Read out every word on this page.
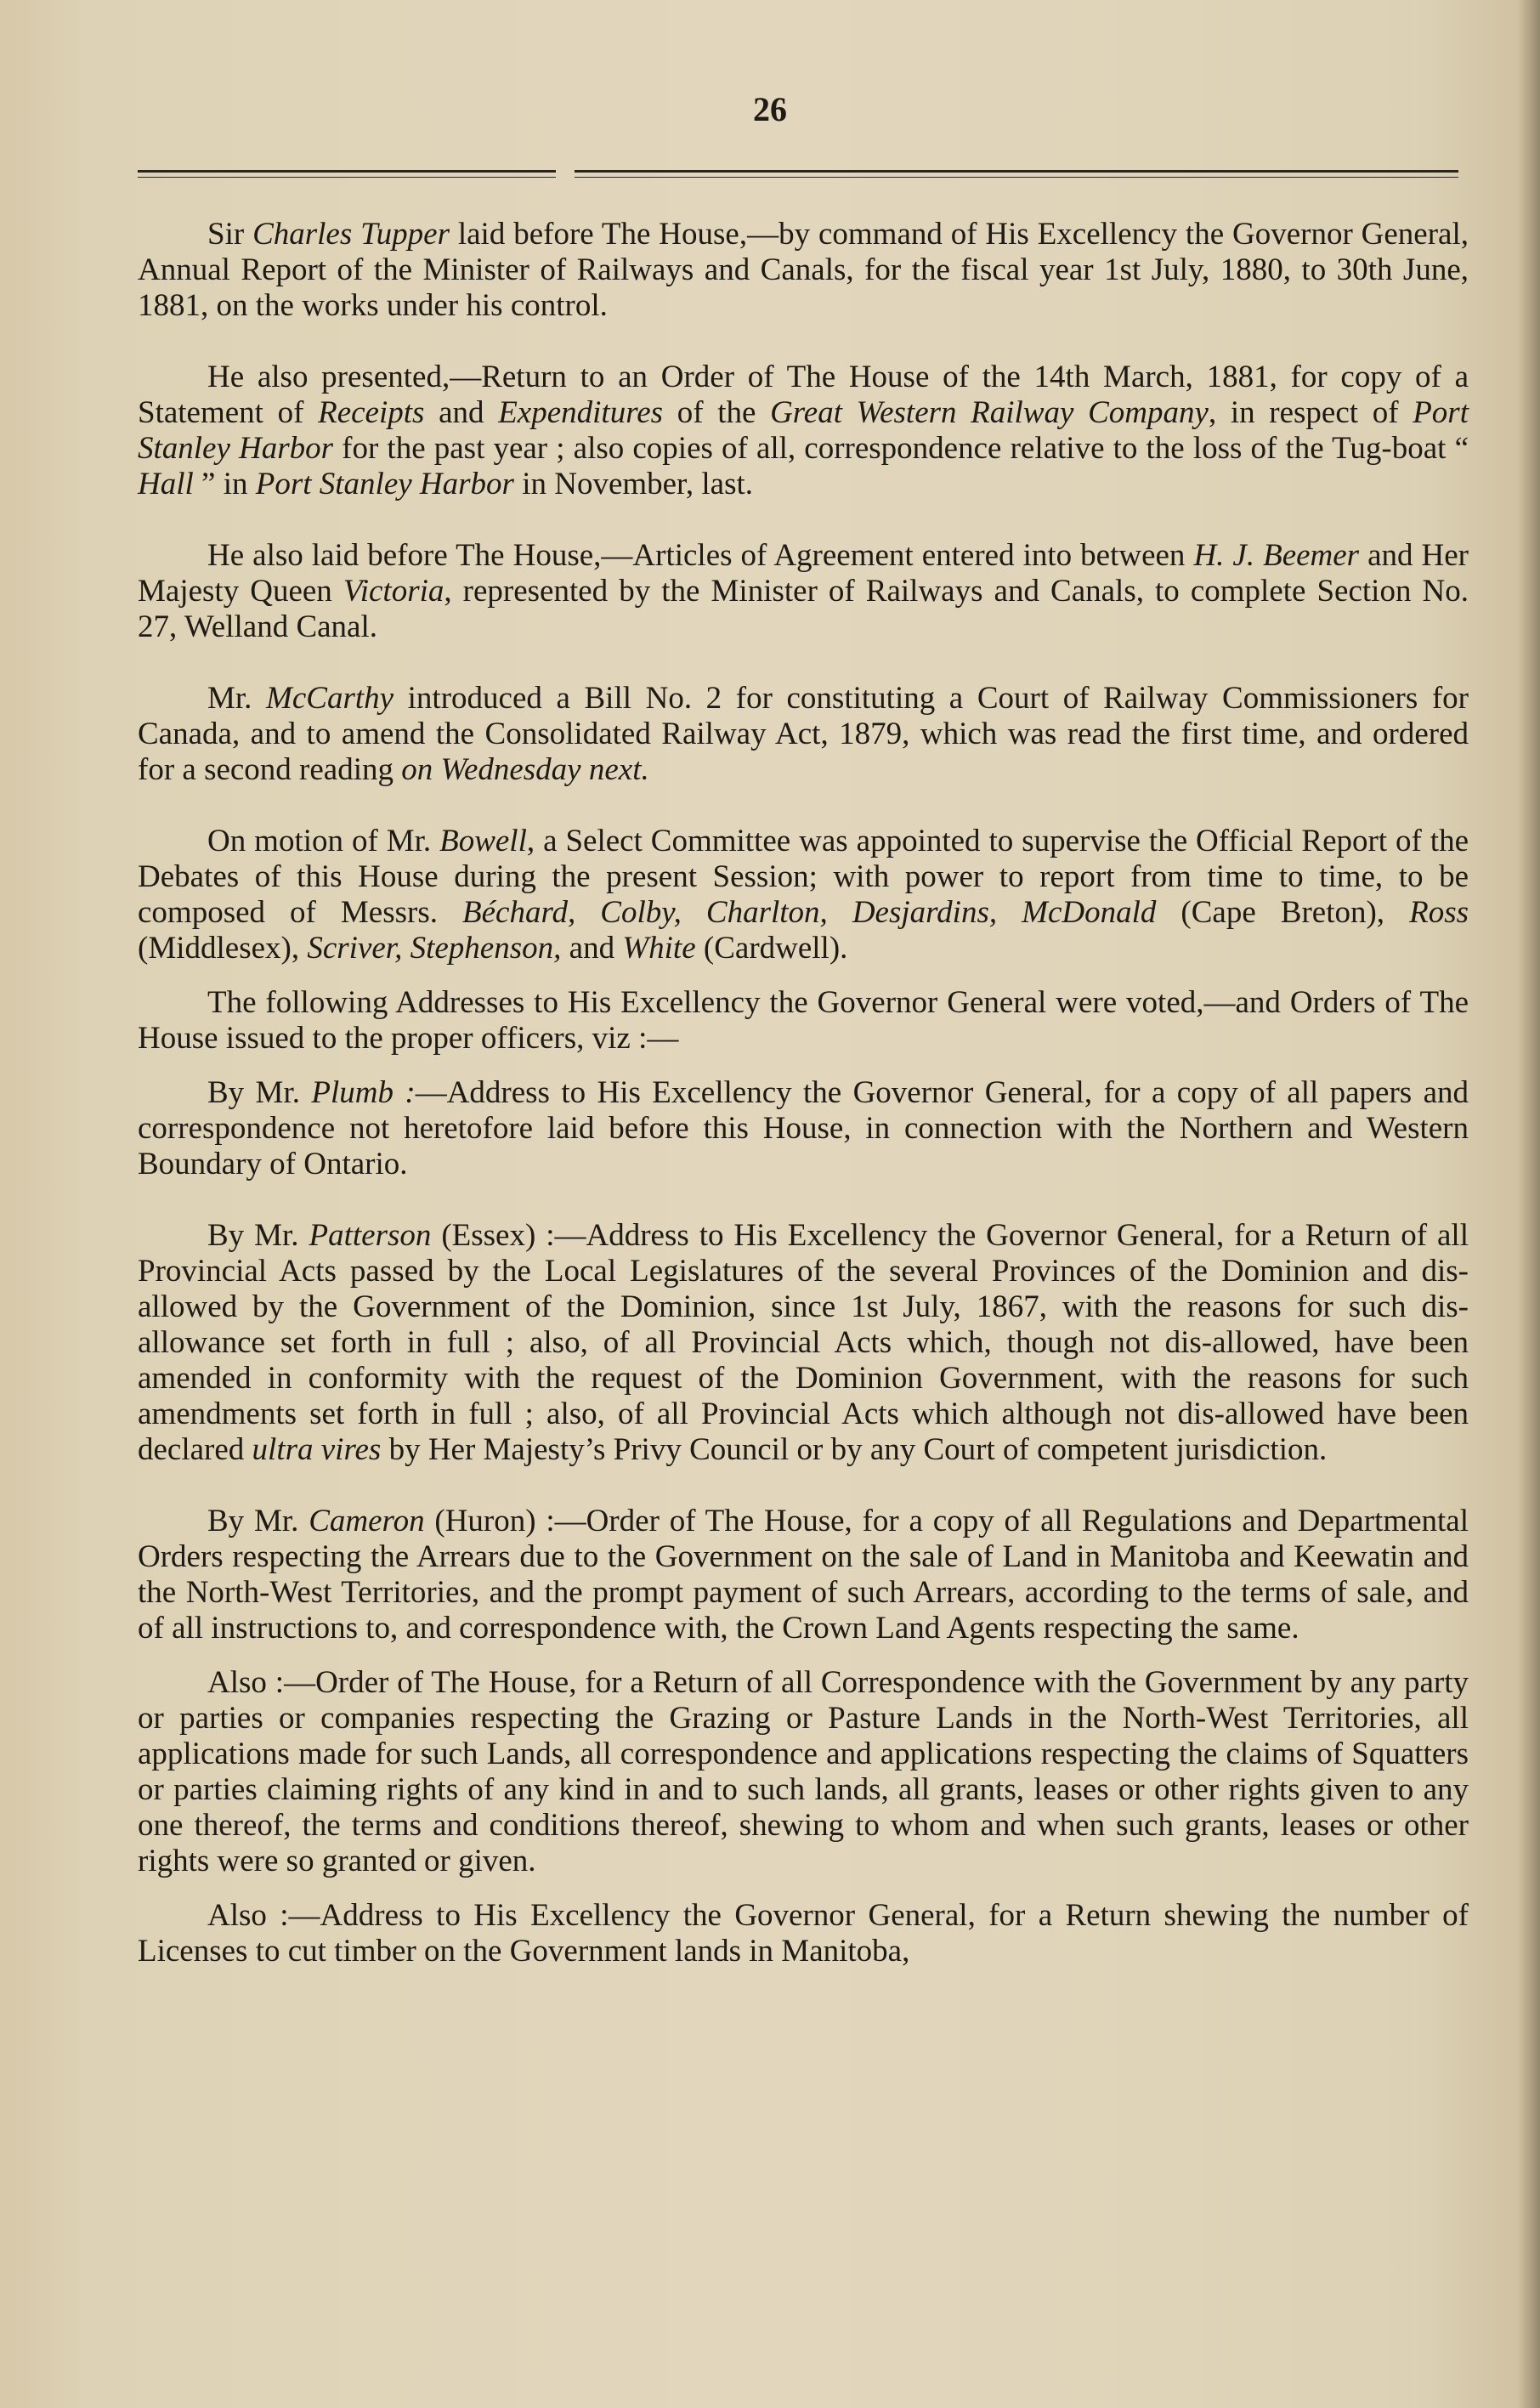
26

Sir Charles Tupper laid before The House,—by command of His Excellency the Governor General, Annual Report of the Minister of Railways and Canals, for the fiscal year 1st July, 1880, to 30th June, 1881, on the works under his control.

He also presented,—Return to an Order of The House of the 14th March, 1881, for copy of a Statement of Receipts and Expenditures of the Great Western Railway Company, in respect of Port Stanley Harbor for the past year ; also copies of all, correspondence relative to the loss of the Tug-boat “ Hall ” in Port Stanley Harbor in November, last.

He also laid before The House,—Articles of Agreement entered into between H. J. Beemer and Her Majesty Queen Victoria, represented by the Minister of Railways and Canals, to complete Section No. 27, Welland Canal.

Mr. McCarthy introduced a Bill No. 2 for constituting a Court of Railway Commissioners for Canada, and to amend the Consolidated Railway Act, 1879, which was read the first time, and ordered for a second reading on Wednesday next.

On motion of Mr. Bowell, a Select Committee was appointed to supervise the Official Report of the Debates of this House during the present Session; with power to report from time to time, to be composed of Messrs. Béchard, Colby, Charlton, Desjardins, McDonald (Cape Breton), Ross (Middlesex), Scriver, Stephenson, and White (Cardwell).

The following Addresses to His Excellency the Governor General were voted,—and Orders of The House issued to the proper officers, viz :—

By Mr. Plumb :—Address to His Excellency the Governor General, for a copy of all papers and correspondence not heretofore laid before this House, in connection with the Northern and Western Boundary of Ontario.

By Mr. Patterson (Essex) :—Address to His Excellency the Governor General, for a Return of all Provincial Acts passed by the Local Legislatures of the several Provinces of the Dominion and dis-allowed by the Government of the Dominion, since 1st July, 1867, with the reasons for such dis-allowance set forth in full ; also, of all Provincial Acts which, though not dis-allowed, have been amended in conformity with the request of the Dominion Government, with the reasons for such amendments set forth in full ; also, of all Provincial Acts which although not dis-allowed have been declared ultra vires by Her Majesty’s Privy Council or by any Court of competent jurisdiction.

By Mr. Cameron (Huron) :—Order of The House, for a copy of all Regulations and Departmental Orders respecting the Arrears due to the Government on the sale of Land in Manitoba and Keewatin and the North-West Territories, and the prompt payment of such Arrears, according to the terms of sale, and of all instructions to, and correspondence with, the Crown Land Agents respecting the same.

Also :—Order of The House, for a Return of all Correspondence with the Government by any party or parties or companies respecting the Grazing or Pasture Lands in the North-West Territories, all applications made for such Lands, all correspondence and applications respecting the claims of Squatters or parties claiming rights of any kind in and to such lands, all grants, leases or other rights given to any one thereof, the terms and conditions thereof, shewing to whom and when such grants, leases or other rights were so granted or given.

Also :—Address to His Excellency the Governor General, for a Return shewing the number of Licenses to cut timber on the Government lands in Manitoba,
